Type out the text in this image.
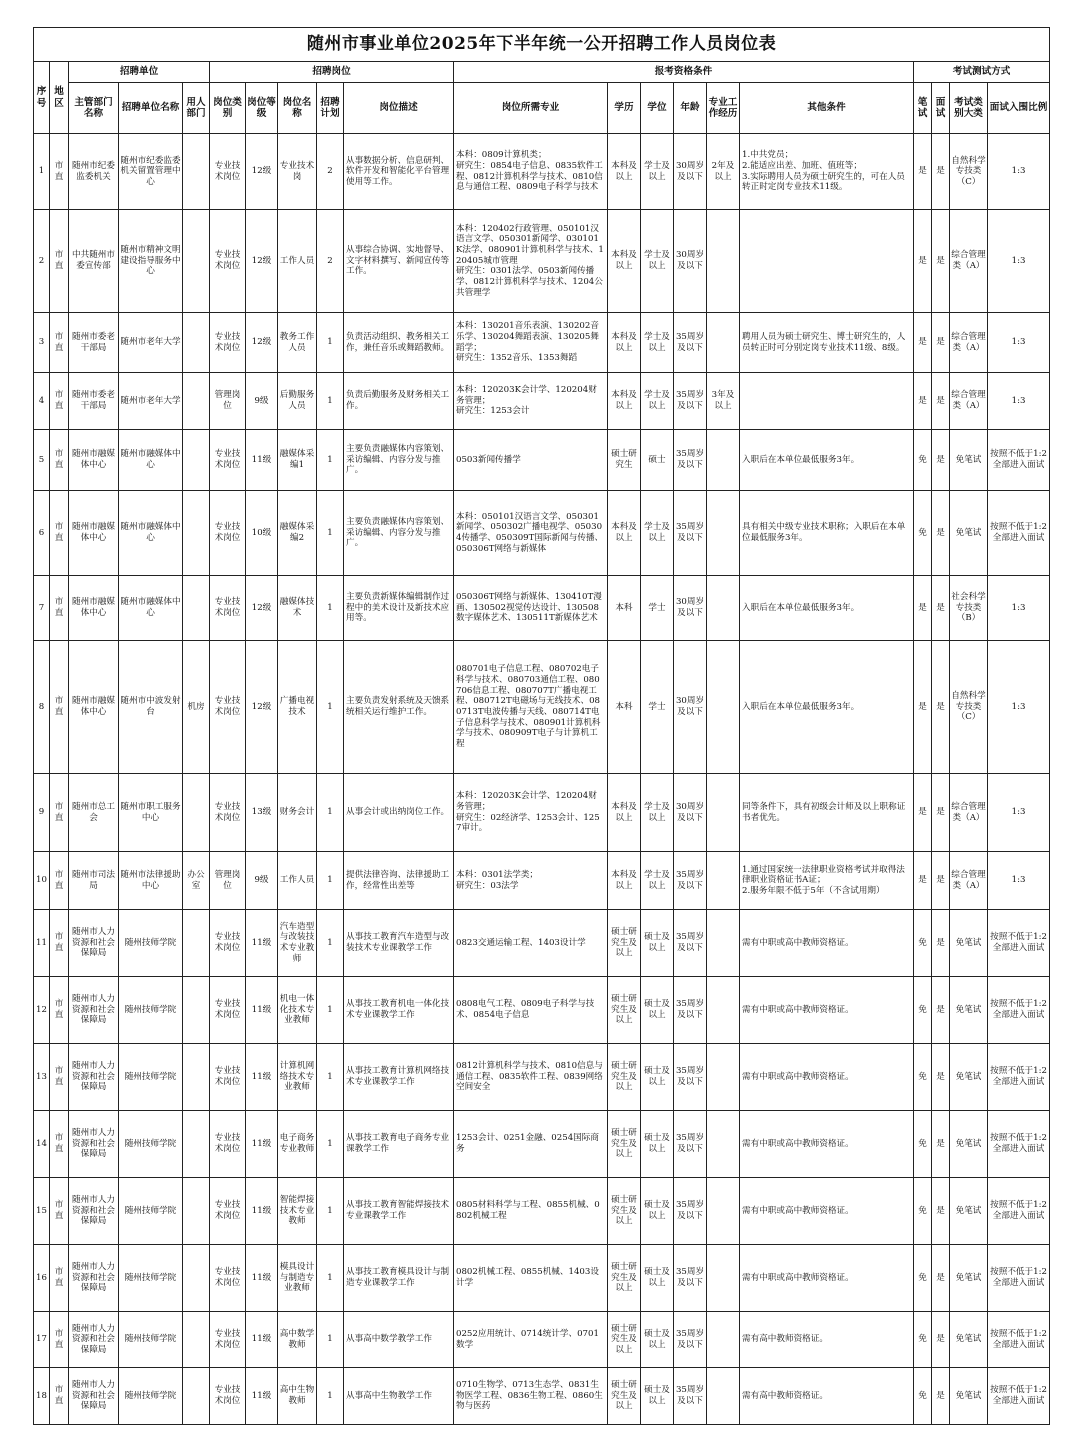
随州市事业单位2025年下半年统一公开招聘工作人员岗位表																			
序号	地区	招聘单位			招聘岗位					报考资格条件						考试测试方式			
		主管部门名称	招聘单位名称	用人部门	岗位类别	岗位等级	岗位名称	招聘计划	岗位描述	岗位所需专业	学历	学位	年龄	专业工作经历	其他条件	笔试	面试	考试类别大类	面试入围比例
1	市直	随州市纪委监委机关	随州市纪委监委机关留置管理中心		专业技术岗位	12级	专业技术岗	2	从事数据分析、信息研判、软件开发和智能化平台管理使用等工作。	本科：0809计算机类；
研究生：0854电子信息、0835软件工程、0812计算机科学与技术、0810信息与通信工程、0809电子科学与技术	本科及以上	学士及以上	30周岁及以下	2年及以上	1.中共党员；
2.能适应出差、加班、值班等；
3.实际聘用人员为硕士研究生的，可在人员转正时定岗专业技术11级。	是	是	自然科学专技类（C）	1:3
2	市直	中共随州市委宣传部	随州市精神文明建设指导服务中心		专业技术岗位	12级	工作人员	2	从事综合协调、实地督导、文字材料撰写、新闻宣传等工作。	本科：120402行政管理、050101汉语言文学、050301新闻学、030101K法学、080901计算机科学与技术、120405城市管理
研究生：0301法学、0503新闻传播学、0812计算机科学与技术、1204公共管理学	本科及以上	学士及以上	30周岁及以下			是	是	综合管理类（A）	1:3
3	市直	随州市委老干部局	随州市老年大学		专业技术岗位	12级	教务工作人员	1	负责活动组织、教务相关工作，兼任音乐或舞蹈教师。	本科：130201音乐表演、130202音乐学、130204舞蹈表演、130205舞蹈学；
研究生：1352音乐、1353舞蹈	本科及以上	学士及以上	35周岁及以下		聘用人员为硕士研究生、博士研究生的，人员转正时可分别定岗专业技术11级、8级。	是	是	综合管理类（A）	1:3
4	市直	随州市委老干部局	随州市老年大学		管理岗位	9级	后勤服务人员	1	负责后勤服务及财务相关工作。	本科：120203K会计学、120204财务管理；
研究生：1253会计	本科及以上	学士及以上	35周岁及以下	3年及以上		是	是	综合管理类（A）	1:3
5	市直	随州市融媒体中心	随州市融媒体中心		专业技术岗位	11级	融媒体采编1	1	主要负责融媒体内容策划、采访编辑、内容分发与推广。	0503新闻传播学	硕士研究生	硕士	35周岁及以下		入职后在本单位最低服务3年。	免	是	免笔试	按照不低于1:2全部进入面试
6	市直	随州市融媒体中心	随州市融媒体中心		专业技术岗位	10级	融媒体采编2	1	主要负责融媒体内容策划、采访编辑、内容分发与推广。	本科：050101汉语言文学、050301新闻学、050302广播电视学、050304传播学、050309T国际新闻与传播、050306T网络与新媒体	本科及以上	学士及以上	35周岁及以下		具有相关中级专业技术职称；入职后在本单位最低服务3年。	免	是	免笔试	按照不低于1:2全部进入面试
7	市直	随州市融媒体中心	随州市融媒体中心		专业技术岗位	12级	融媒体技术	1	主要负责新媒体编辑制作过程中的美术设计及新技术应用等。	050306T网络与新媒体、130410T漫画、130502视觉传达设计、130508数字媒体艺术、130511T新媒体艺术	本科	学士	30周岁及以下		入职后在本单位最低服务3年。	是	是	社会科学专技类（B）	1:3
8	市直	随州市融媒体中心	随州市中波发射台	机房	专业技术岗位	12级	广播电视技术	1	主要负责发射系统及天馈系统相关运行维护工作。	080701电子信息工程、080702电子科学与技术、080703通信工程、080706信息工程、080707T广播电视工程、080712T电磁场与无线技术、080713T电波传播与天线、080714T电子信息科学与技术、080901计算机科学与技术、080909T电子与计算机工程	本科	学士	30周岁及以下		入职后在本单位最低服务3年。	是	是	自然科学专技类（C）	1:3
9	市直	随州市总工会	随州市职工服务中心		专业技术岗位	13级	财务会计	1	从事会计或出纳岗位工作。	本科：120203K会计学、120204财务管理；
研究生：02经济学、1253会计、1257审计。	本科及以上	学士及以上	30周岁及以下		同等条件下，具有初级会计师及以上职称证书者优先。	是	是	综合管理类（A）	1:3
10	市直	随州市司法局	随州市法律援助中心	办公室	管理岗位	9级	工作人员	1	提供法律咨询、法律援助工作，经常性出差等	本科：0301法学类；
研究生：03法学	本科及以上	学士及以上	35周岁及以下		1.通过国家统一法律职业资格考试并取得法律职业资格证书A证；
2.服务年限不低于5年（不含试用期）	是	是	综合管理类（A）	1:3
11	市直	随州市人力资源和社会保障局	随州技师学院		专业技术岗位	11级	汽车造型与改装技术专业教师	1	从事技工教育汽车造型与改装技术专业课教学工作	0823交通运输工程、1403设计学	硕士研究生及以上	硕士及以上	35周岁及以下		需有中职或高中教师资格证。	免	是	免笔试	按照不低于1:2全部进入面试
12	市直	随州市人力资源和社会保障局	随州技师学院		专业技术岗位	11级	机电一体化技术专业教师	1	从事技工教育机电一体化技术专业课教学工作	0808电气工程、0809电子科学与技术、0854电子信息	硕士研究生及以上	硕士及以上	35周岁及以下		需有中职或高中教师资格证。	免	是	免笔试	按照不低于1:2全部进入面试
13	市直	随州市人力资源和社会保障局	随州技师学院		专业技术岗位	11级	计算机网络技术专业教师	1	从事技工教育计算机网络技术专业课教学工作	0812计算机科学与技术、0810信息与通信工程、0835软件工程、0839网络空间安全	硕士研究生及以上	硕士及以上	35周岁及以下		需有中职或高中教师资格证。	免	是	免笔试	按照不低于1:2全部进入面试
14	市直	随州市人力资源和社会保障局	随州技师学院		专业技术岗位	11级	电子商务专业教师	1	从事技工教育电子商务专业课教学工作	1253会计、0251金融、0254国际商务	硕士研究生及以上	硕士及以上	35周岁及以下		需有中职或高中教师资格证。	免	是	免笔试	按照不低于1:2全部进入面试
15	市直	随州市人力资源和社会保障局	随州技师学院		专业技术岗位	11级	智能焊接技术专业教师	1	从事技工教育智能焊接技术专业课教学工作	0805材料科学与工程、0855机械、0802机械工程	硕士研究生及以上	硕士及以上	35周岁及以下		需有中职或高中教师资格证。	免	是	免笔试	按照不低于1:2全部进入面试
16	市直	随州市人力资源和社会保障局	随州技师学院		专业技术岗位	11级	模具设计与制造专业教师	1	从事技工教育模具设计与制造专业课教学工作	0802机械工程、0855机械、1403设计学	硕士研究生及以上	硕士及以上	35周岁及以下		需有中职或高中教师资格证。	免	是	免笔试	按照不低于1:2全部进入面试
17	市直	随州市人力资源和社会保障局	随州技师学院		专业技术岗位	11级	高中数学教师	1	从事高中数学教学工作	0252应用统计、0714统计学、0701 数学	硕士研究生及以上	硕士及以上	35周岁及以下		需有高中教师资格证。	免	是	免笔试	按照不低于1:2全部进入面试
18	市直	随州市人力资源和社会保障局	随州技师学院		专业技术岗位	11级	高中生物教师	1	从事高中生物教学工作	0710生物学、0713生态学、0831生物医学工程、0836生物工程、0860生物与医药	硕士研究生及以上	硕士及以上	35周岁及以下		需有高中教师资格证。	免	是	免笔试	按照不低于1:2全部进入面试
